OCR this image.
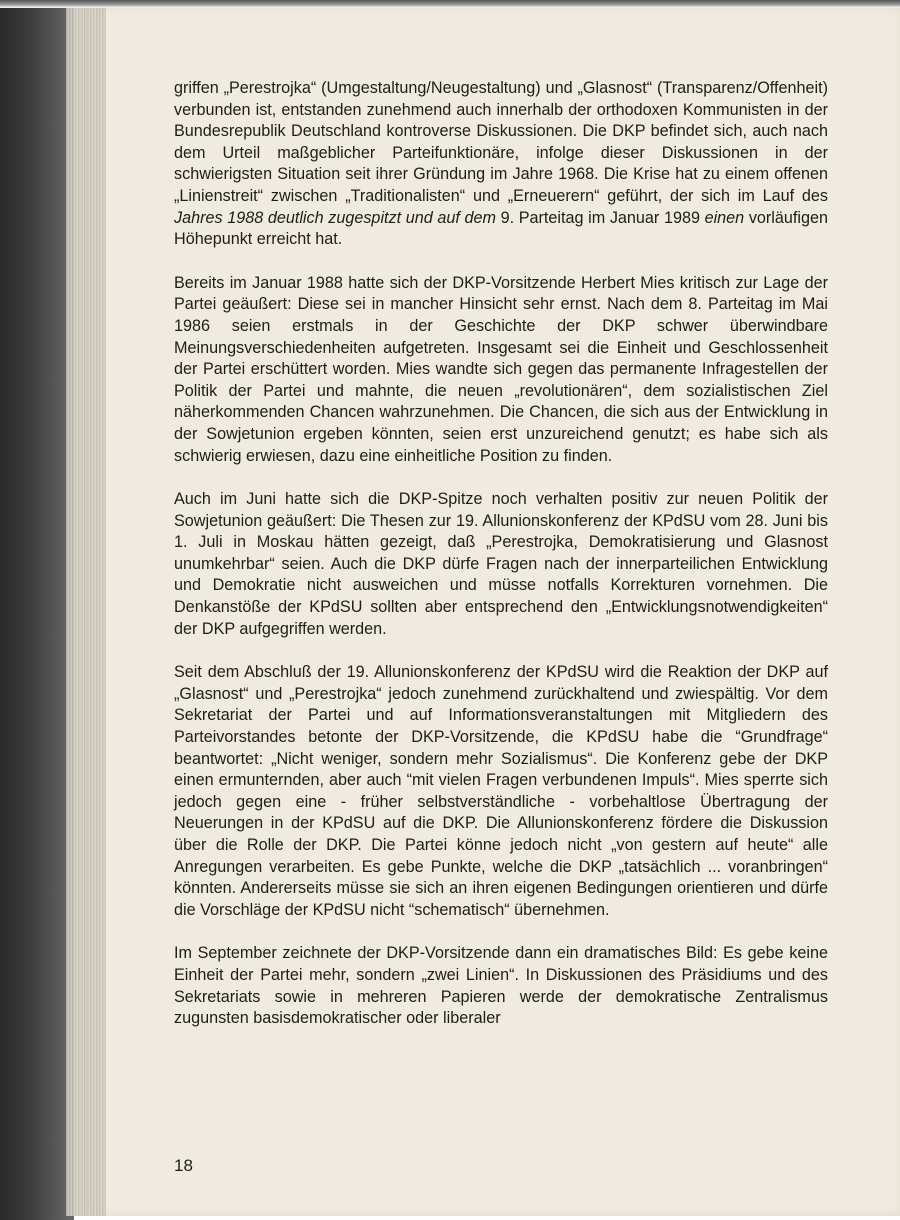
griffen „Perestrojka“ (Umgestaltung/Neugestaltung) und „Glasnost“ (Transparenz/Offenheit) verbunden ist, entstanden zunehmend auch innerhalb der orthodoxen Kommunisten in der Bundesrepublik Deutschland kontroverse Diskussionen. Die DKP befindet sich, auch nach dem Urteil maßgeblicher Parteifunktionäre, infolge dieser Diskussionen in der schwierigsten Situation seit ihrer Gründung im Jahre 1968. Die Krise hat zu einem offenen „Linienstreit“ zwischen „Traditionalisten“ und „Erneuerern“ geführt, der sich im Lauf des Jahres 1988 deutlich zugespitzt und auf dem 9. Parteitag im Januar 1989 einen vorläufigen Höhepunkt erreicht hat.

Bereits im Januar 1988 hatte sich der DKP-Vorsitzende Herbert Mies kritisch zur Lage der Partei geäußert: Diese sei in mancher Hinsicht sehr ernst. Nach dem 8. Parteitag im Mai 1986 seien erstmals in der Geschichte der DKP schwer überwindbare Meinungsverschiedenheiten aufgetreten. Insgesamt sei die Einheit und Geschlossenheit der Partei erschüttert worden. Mies wandte sich gegen das permanente Infragestellen der Politik der Partei und mahnte, die neuen „revolutionären“, dem sozialistischen Ziel näherkommenden Chancen wahrzunehmen. Die Chancen, die sich aus der Entwicklung in der Sowjetunion ergeben könnten, seien erst unzureichend genutzt; es habe sich als schwierig erwiesen, dazu eine einheitliche Position zu finden.

Auch im Juni hatte sich die DKP-Spitze noch verhalten positiv zur neuen Politik der Sowjetunion geäußert: Die Thesen zur 19. Allunionskonferenz der KPdSU vom 28. Juni bis 1. Juli in Moskau hätten gezeigt, daß „Perestrojka, Demokratisierung und Glasnost unumkehrbar“ seien. Auch die DKP dürfe Fragen nach der innerparteilichen Entwicklung und Demokratie nicht ausweichen und müsse notfalls Korrekturen vornehmen. Die Denkanstöße der KPdSU sollten aber entsprechend den „Entwicklungsnotwendigkeiten“ der DKP aufgegriffen werden.

Seit dem Abschluß der 19. Allunionskonferenz der KPdSU wird die Reaktion der DKP auf „Glasnost“ und „Perestrojka“ jedoch zunehmend zurückhaltend und zwiespältig. Vor dem Sekretariat der Partei und auf Informationsveranstaltungen mit Mitgliedern des Parteivorstandes betonte der DKP-Vorsitzende, die KPdSU habe die “Grundfrage“ beantwortet: „Nicht weniger, sondern mehr Sozialismus“. Die Konferenz gebe der DKP einen ermunternden, aber auch “mit vielen Fragen verbundenen Impuls“. Mies sperrte sich jedoch gegen eine - früher selbstverständliche - vorbehaltlose Übertragung der Neuerungen in der KPdSU auf die DKP. Die Allunionskonferenz fördere die Diskussion über die Rolle der DKP. Die Partei könne jedoch nicht „von gestern auf heute“ alle Anregungen verarbeiten. Es gebe Punkte, welche die DKP „tatsächlich ... voranbringen“ könnten. Andererseits müsse sie sich an ihren eigenen Bedingungen orientieren und dürfe die Vorschläge der KPdSU nicht “schematisch“ übernehmen.

Im September zeichnete der DKP-Vorsitzende dann ein dramatisches Bild: Es gebe keine Einheit der Partei mehr, sondern „zwei Linien“. In Diskussionen des Präsidiums und des Sekretariats sowie in mehreren Papieren werde der demokratische Zentralismus zugunsten basisdemokratischer oder liberaler

18
